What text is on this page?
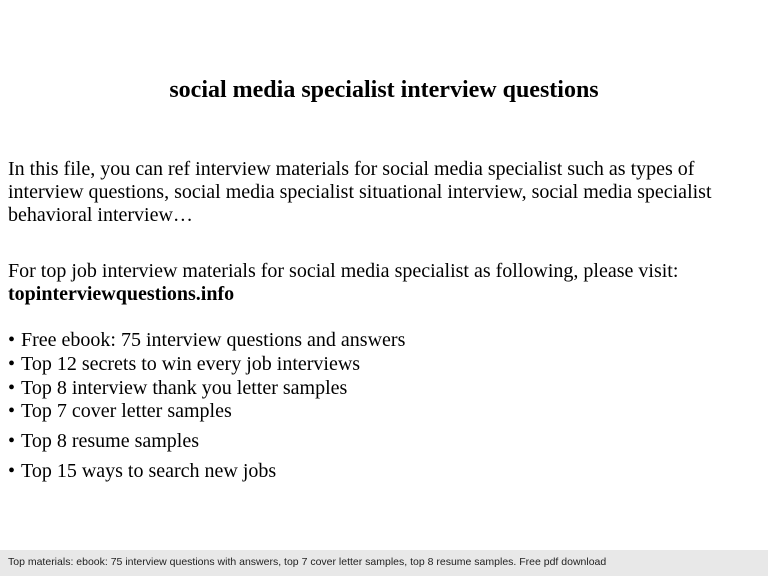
social media specialist interview questions

In this file, you can ref interview materials for social media specialist such as types of
interview questions, social media specialist situational interview, social media specialist
behavioral interview…

For top job interview materials for social media specialist as following, please visit:
topinterviewquestions.info

• Free ebook: 75 interview questions and answers
• Top 12 secrets to win every job interviews
• Top 8 interview thank you letter samples
• Top 7 cover letter samples
• Top 8 resume samples
• Top 15 ways to search new jobs
Top materials: ebook: 75 interview questions with answers, top 7 cover letter samples, top 8 resume samples. Free pdf download
